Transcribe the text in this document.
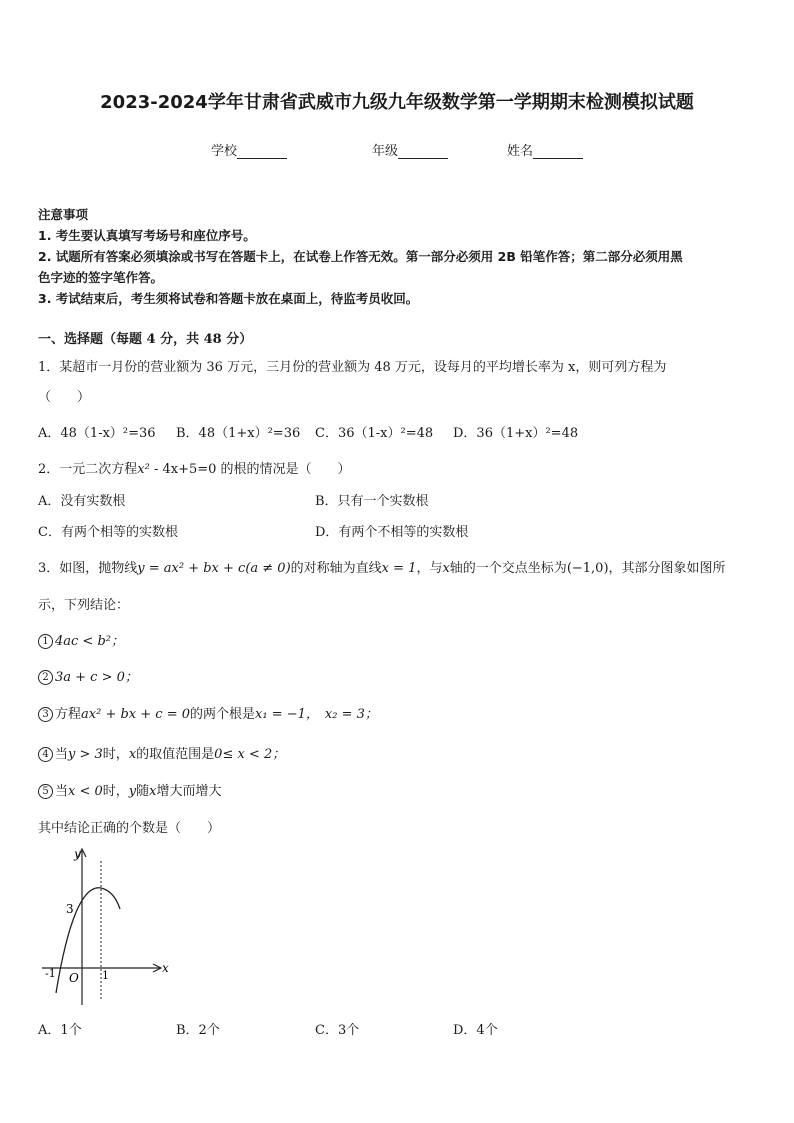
2023-2024学年甘肃省武威市九级九年级数学第一学期期末检测模拟试题
学校	年级	姓名
注意事项
1. 考生要认真填写考场号和座位序号。
2. 试题所有答案必须填涂或书写在答题卡上，在试卷上作答无效。第一部分必须用 2B 铅笔作答；第二部分必须用黑
色字迹的签字笔作答。
3. 考试结束后，考生须将试卷和答题卡放在桌面上，待监考员收回。
一、选择题（每题 4 分，共 48 分）
1．某超市一月份的营业额为 36 万元，三月份的营业额为 48 万元，设每月的平均增长率为 x，则可列方程为
（　　）
A．48（1-x）²=36 B．48（1+x）²=36 C．36（1-x）²=48 D．36（1+x）²=48
2．一元二次方程x² - 4x+5=0 的根的情况是（　　）
A．没有实数根	B．只有一个实数根
C．有两个相等的实数根	D．有两个不相等的实数根
3．如图，抛物线y = ax² + bx + c(a ≠ 0)的对称轴为直线x = 1，与x轴的一个交点坐标为(−1,0)，其部分图象如图所
示，下列结论：
1 4ac < b²；
2 3a + c > 0；
3 方程ax² + bx + c = 0的两个根是x₁ = −1， x₂ = 3；
4 当y > 3时，x的取值范围是0≤ x < 2；
5 当x < 0时，y随x增大而增大
其中结论正确的个数是（　　）
y
x
O
3
-1	1
A．1个	B．2个	C．3个	D．4个
